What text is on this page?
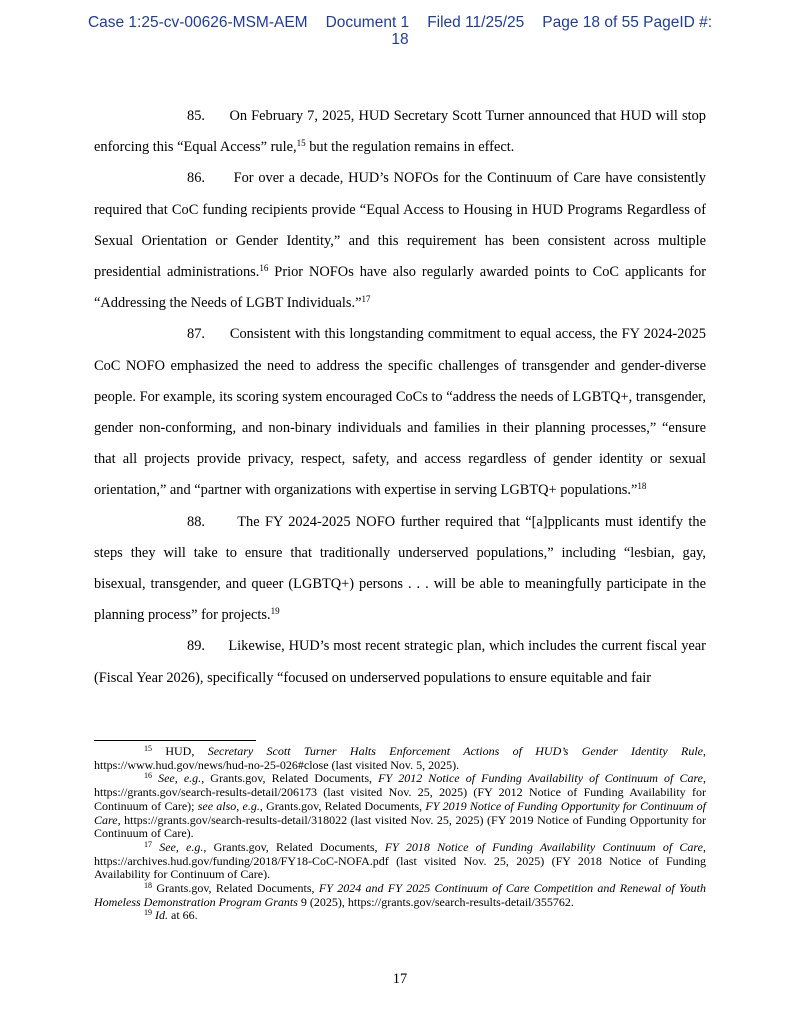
Case 1:25-cv-00626-MSM-AEM Document 1 Filed 11/25/25 Page 18 of 55 PageID #:
18

85. On February 7, 2025, HUD Secretary Scott Turner announced that HUD will stop enforcing this “Equal Access” rule,$^{15}$ but the regulation remains in effect.

86. For over a decade, HUD’s NOFOs for the Continuum of Care have consistently required that CoC funding recipients provide “Equal Access to Housing in HUD Programs Regardless of Sexual Orientation or Gender Identity,” and this requirement has been consistent across multiple presidential administrations.$^{16}$ Prior NOFOs have also regularly awarded points to CoC applicants for “Addressing the Needs of LGBT Individuals.”$^{17}$

87. Consistent with this longstanding commitment to equal access, the FY 2024-2025 CoC NOFO emphasized the need to address the specific challenges of transgender and gender-diverse people. For example, its scoring system encouraged CoCs to “address the needs of LGBTQ+, transgender, gender non-conforming, and non-binary individuals and families in their planning processes,” “ensure that all projects provide privacy, respect, safety, and access regardless of gender identity or sexual orientation,” and “partner with organizations with expertise in serving LGBTQ+ populations.”$^{18}$

88. The FY 2024-2025 NOFO further required that “[a]pplicants must identify the steps they will take to ensure that traditionally underserved populations,” including “lesbian, gay, bisexual, transgender, and queer (LGBTQ+) persons . . . will be able to meaningfully participate in the planning process” for projects.$^{19}$

89. Likewise, HUD’s most recent strategic plan, which includes the current fiscal year (Fiscal Year 2026), specifically “focused on underserved populations to ensure equitable and fair

$^{15}$ HUD, Secretary Scott Turner Halts Enforcement Actions of HUD’s Gender Identity Rule, https://www.hud.gov/news/hud-no-25-026#close (last visited Nov. 5, 2025).

$^{16}$ See, e.g., Grants.gov, Related Documents, FY 2012 Notice of Funding Availability of Continuum of Care, https://grants.gov/search-results-detail/206173 (last visited Nov. 25, 2025) (FY 2012 Notice of Funding Availability for Continuum of Care); see also, e.g., Grants.gov, Related Documents, FY 2019 Notice of Funding Opportunity for Continuum of Care, https://grants.gov/search-results-detail/318022 (last visited Nov. 25, 2025) (FY 2019 Notice of Funding Opportunity for Continuum of Care).

$^{17}$ See, e.g., Grants.gov, Related Documents, FY 2018 Notice of Funding Availability Continuum of Care, https://archives.hud.gov/funding/2018/FY18-CoC-NOFA.pdf (last visited Nov. 25, 2025) (FY 2018 Notice of Funding Availability for Continuum of Care).

$^{18}$ Grants.gov, Related Documents, FY 2024 and FY 2025 Continuum of Care Competition and Renewal of Youth Homeless Demonstration Program Grants 9 (2025), https://grants.gov/search-results-detail/355762.

$^{19}$ Id. at 66.

17
